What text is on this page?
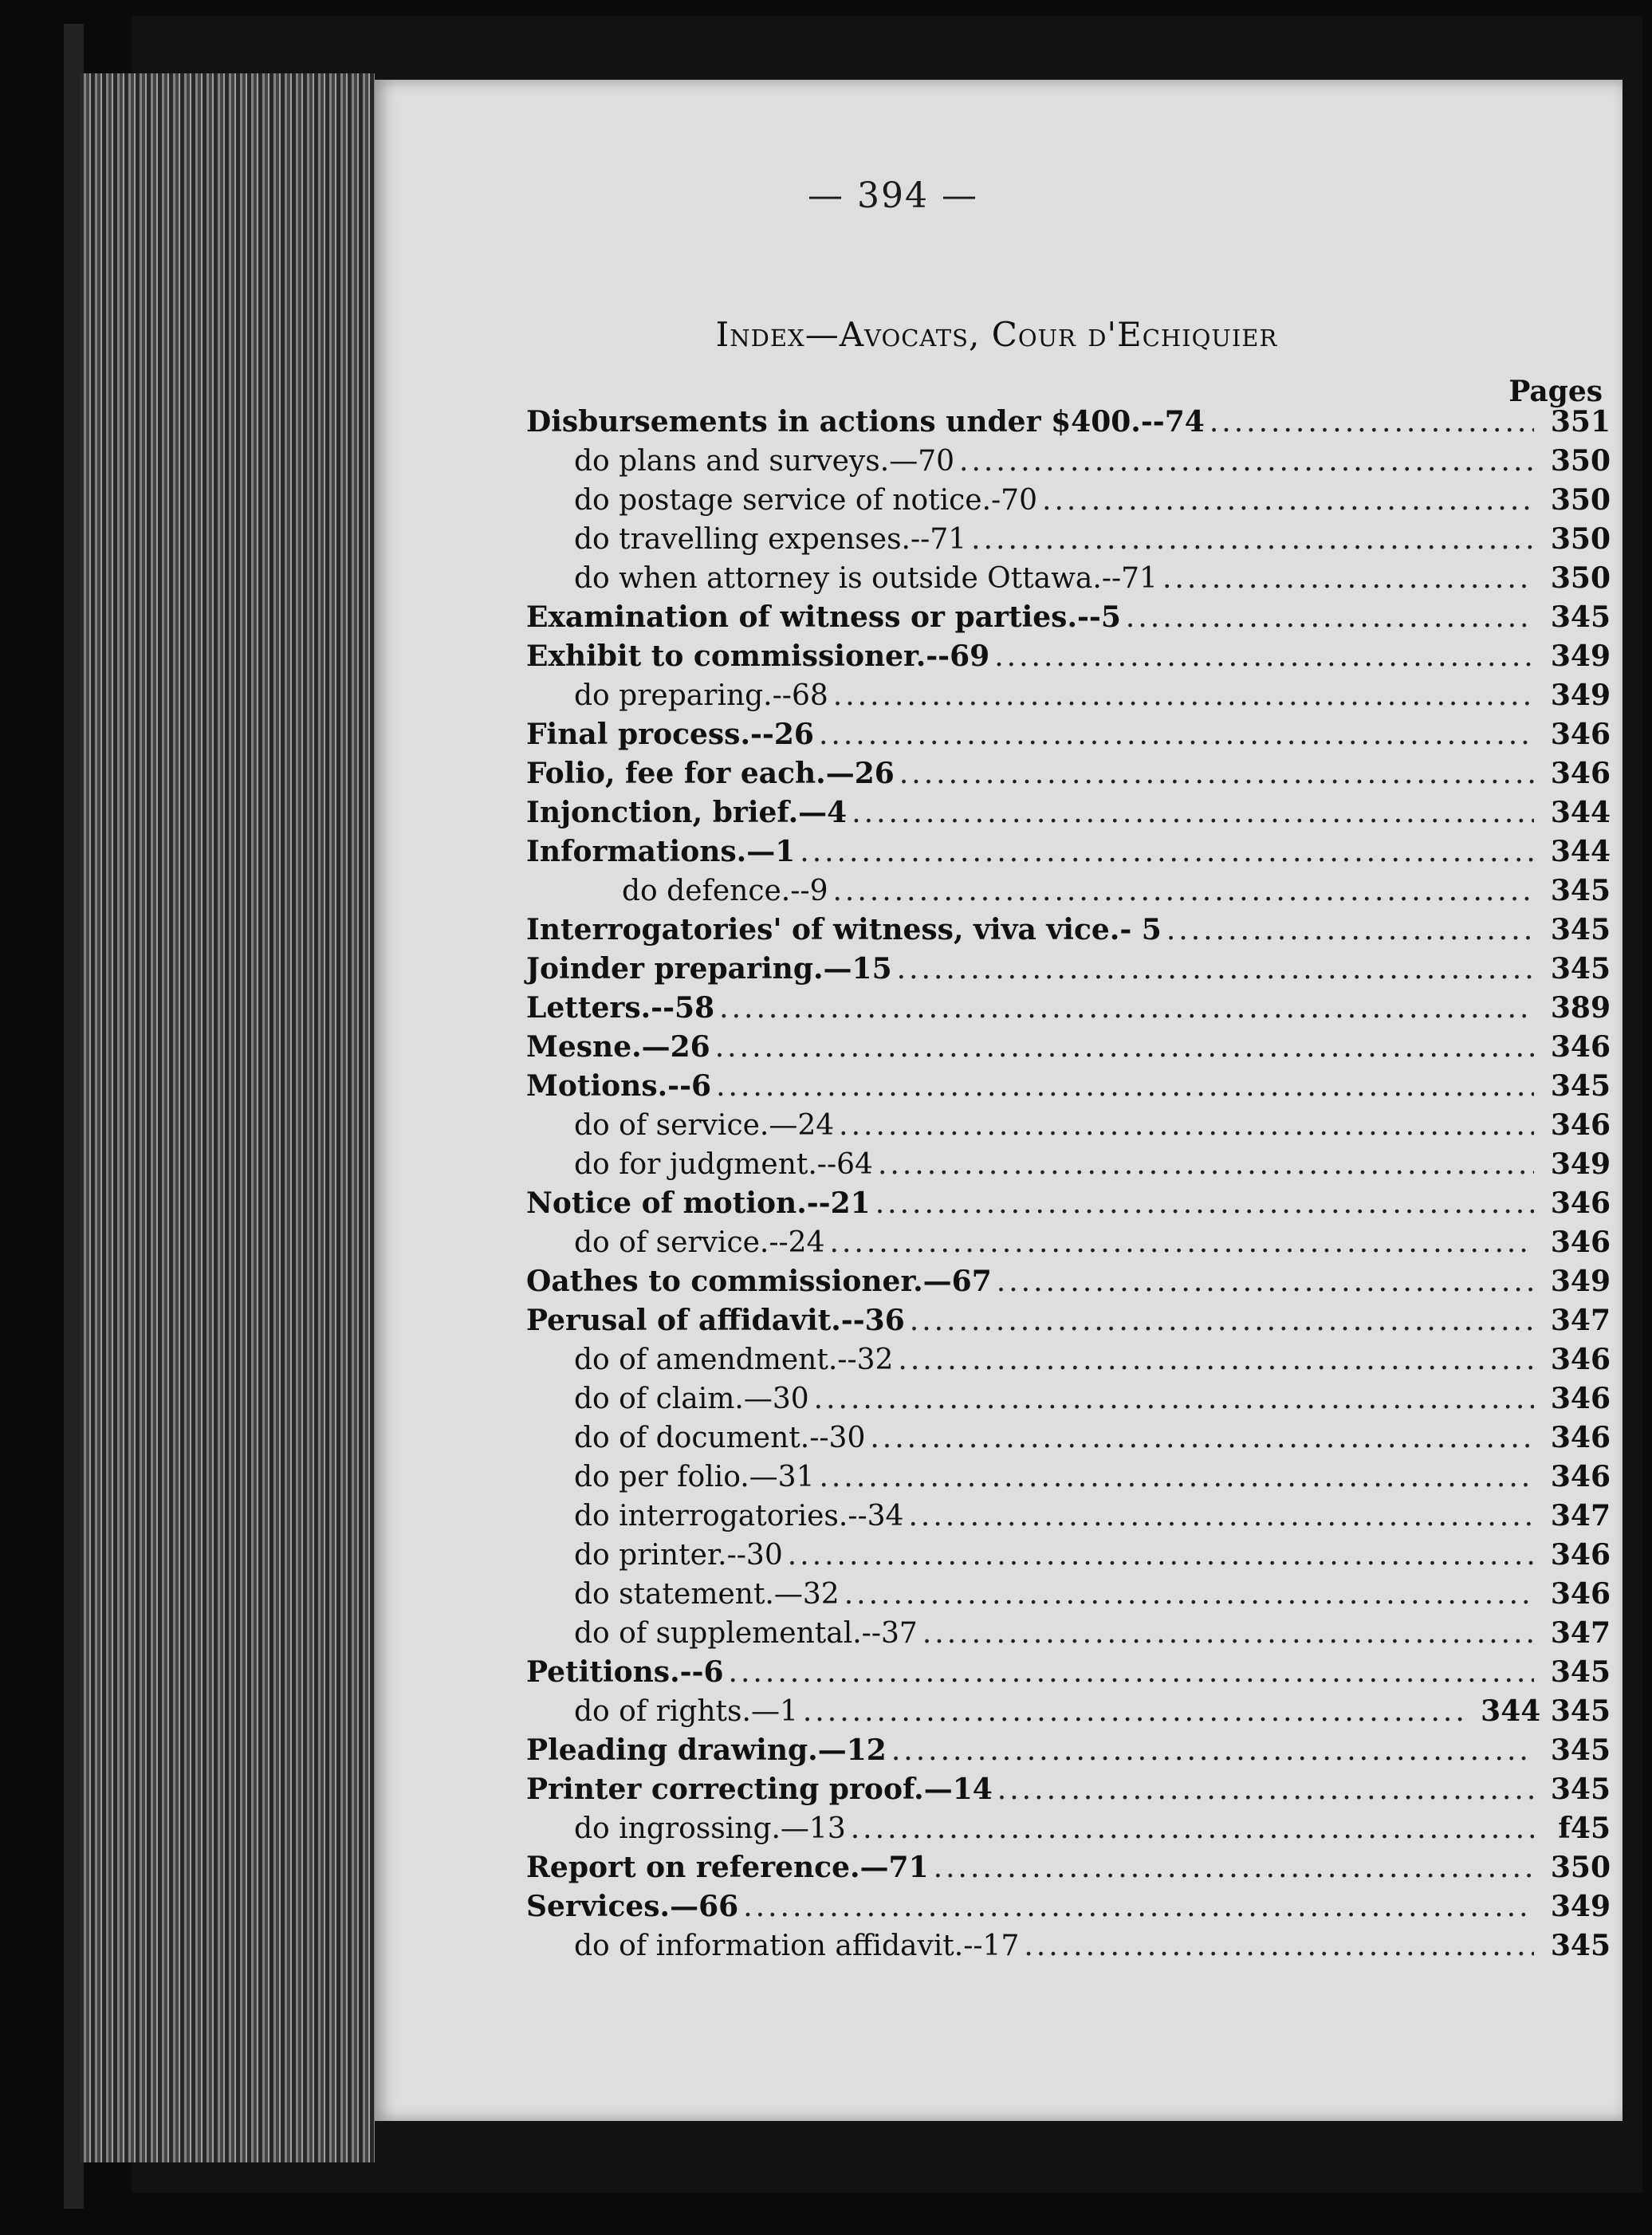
— 394 —
Index—Avocats, Cour d'Echiquier
Pages
Disbursements in actions under $400.--74 .....	351
do plans and surveys.—70 .....	350
do postage service of notice.-70 .....	350
do travelling expenses.--71 .....	350
do when attorney is outside Ottawa.--71 .....	350
Examination of witness or parties.--5 .....	345
Exhibit to commissioner.--69 .....	349
do preparing.--68 .....	349
Final process.--26 .....	346
Folio, fee for each.—26 .....	346
Injonction, brief.—4 .....	344
Informations.—1 .....	344
do defence.--9 .....	345
Interrogatories' of witness, viva vice.- 5 .....	345
Joinder preparing.—15 .....	345
Letters.--58 .....	389
Mesne.—26 .....	346
Motions.--6 .....	345
do of service.—24 .....	346
do for judgment.--64 .....	349
Notice of motion.--21 .....	346
do of service.--24 .....	346
Oathes to commissioner.—67 .....	349
Perusal of affidavit.--36 .....	347
do of amendment.--32 .....	346
do of claim.—30 .....	346
do of document.--30 .....	346
do per folio.—31 .....	346
do interrogatories.--34 .....	347
do printer.--30 .....	346
do statement.—32 .....	346
do of supplemental.--37 .....	347
Petitions.--6 .....	345
do of rights.—1 .....	344 345
Pleading drawing.—12 .....	345
Printer correcting proof.—14 .....	345
do ingrossing.—13 .....	f45
Report on reference.—71 .....	350
Services.—66 .....	349
do of information affidavit.--17 .....	345
